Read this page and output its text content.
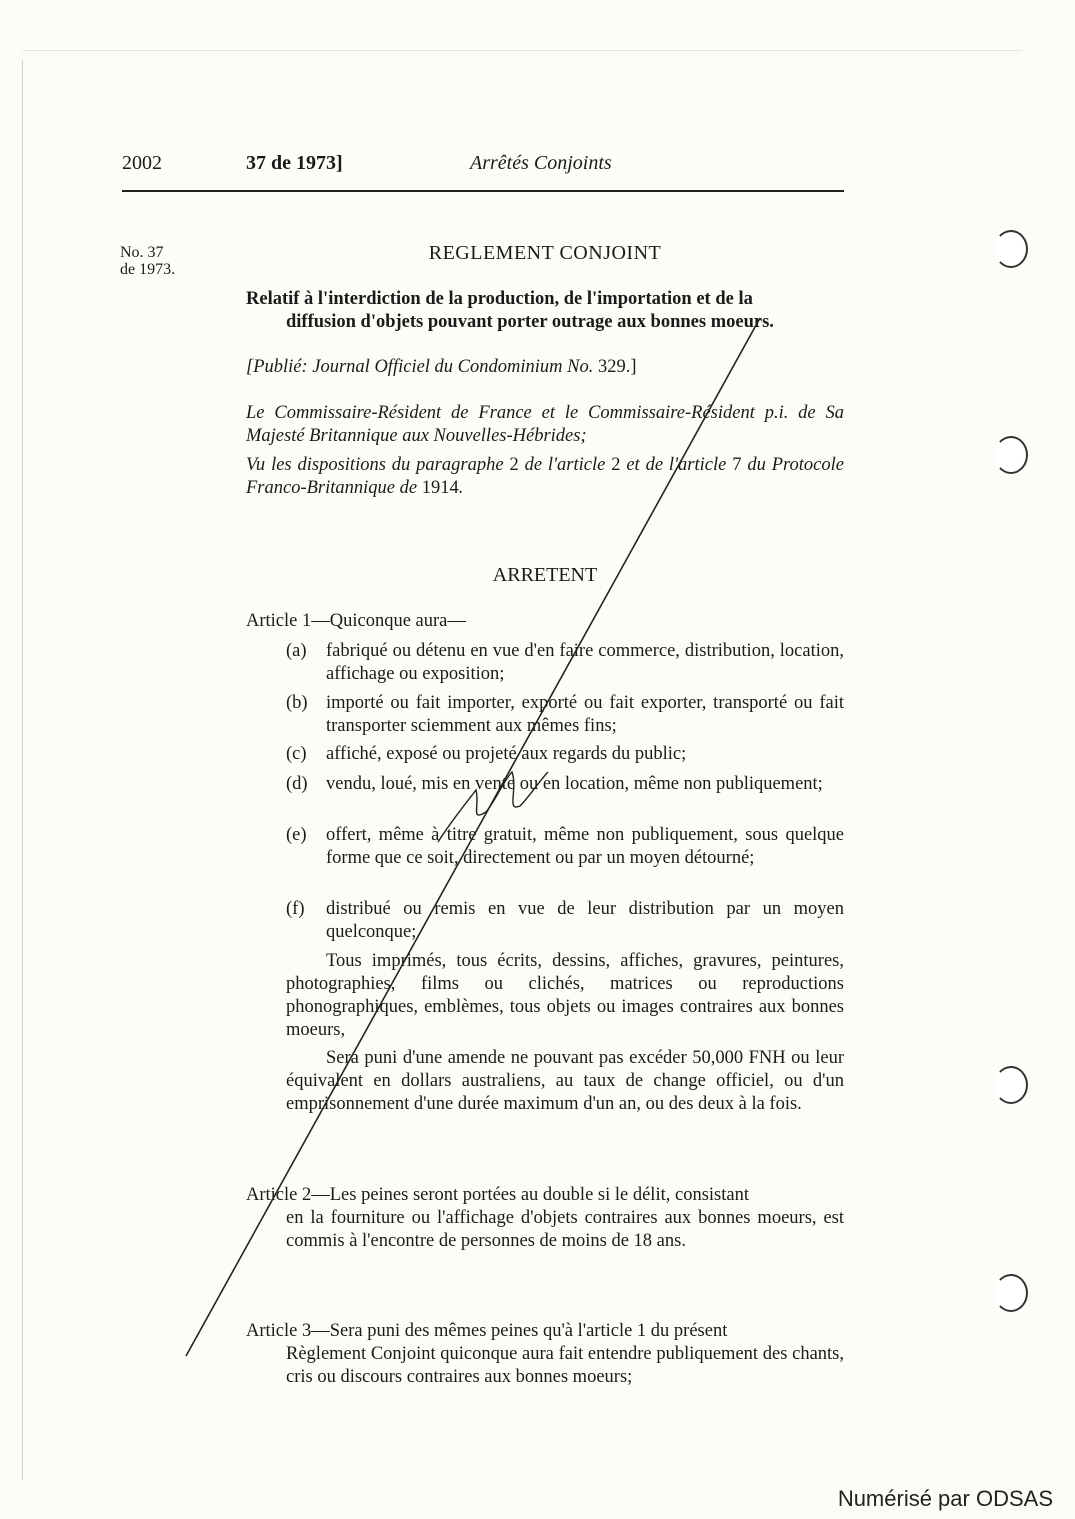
2002	37 de 1973]	Arrêtés Conjoints
No. 37
de 1973.
REGLEMENT CONJOINT
Relatif à l'interdiction de la production, de l'importation et de la
diffusion d'objets pouvant porter outrage aux bonnes moeurs.
[Publié: Journal Officiel du Condominium No. 329.]
Le Commissaire-Résident de France et le Commissaire-Résident p.i. de Sa Majesté Britannique aux Nouvelles-Hébrides;
Vu les dispositions du paragraphe 2 de l'article 2 et de l'article 7 du Protocole Franco-Britannique de 1914.
ARRETENT
Article 1—Quiconque aura—
(a) fabriqué ou détenu en vue d'en faire commerce, distribution, location, affichage ou exposition;
(b) importé ou fait importer, exporté ou fait exporter, transporté ou fait transporter sciemment aux mêmes fins;
(c) affiché, exposé ou projeté aux regards du public;
(d) vendu, loué, mis en vente ou en location, même non publiquement;
(e) offert, même à titre gratuit, même non publiquement, sous quelque forme que ce soit, directement ou par un moyen détourné;
(f) distribué ou remis en vue de leur distribution par un moyen quelconque;
Tous imprimés, tous écrits, dessins, affiches, gravures, peintures, photographies, films ou clichés, matrices ou reproductions phonographiques, emblèmes, tous objets ou images contraires aux bonnes moeurs,
Sera puni d'une amende ne pouvant pas excéder 50,000 FNH ou leur équivalent en dollars australiens, au taux de change officiel, ou d'un emprisonnement d'une durée maximum d'un an, ou des deux à la fois.
Article 2—Les peines seront portées au double si le délit, consistant
en la fourniture ou l'affichage d'objets contraires aux bonnes moeurs, est commis à l'encontre de personnes de moins de 18 ans.
Article 3—Sera puni des mêmes peines qu'à l'article 1 du présent
Règlement Conjoint quiconque aura fait entendre publiquement des chants, cris ou discours contraires aux bonnes moeurs;
Numérisé par ODSAS
